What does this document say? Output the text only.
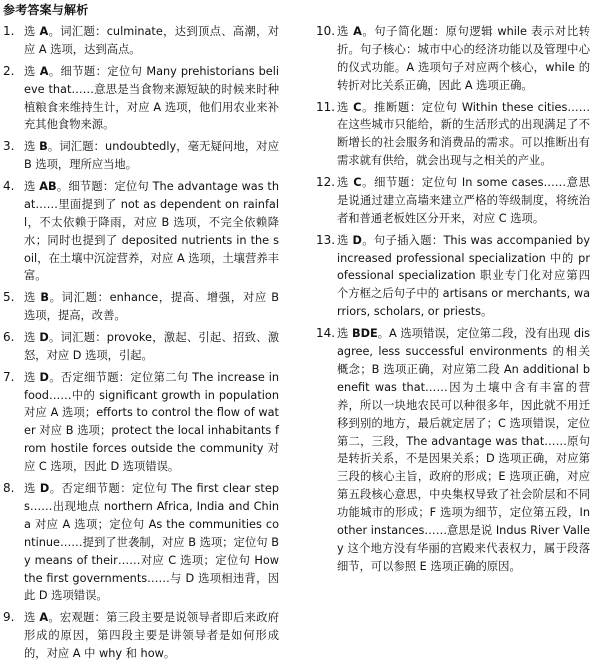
参考答案与解析
1. 选 A。词汇题：culminate，达到顶点、高潮，对应 A 选项，达到高点。
2. 选 A。细节题：定位句 Many prehistorians believe that……意思是当食物来源短缺的时候来时种植粮食来维持生计，对应 A 选项，他们用农业来补充其他食物来源。
3. 选 B。词汇题：undoubtedly，毫无疑问地，对应 B 选项，理所应当地。
4. 选 AB。细节题：定位句 The advantage was that……里面提到了 not as dependent on rainfall，不太依赖于降雨，对应 B 选项，不完全依赖降水；同时也提到了 deposited nutrients in the soil，在土壤中沉淀营养，对应 A 选项，土壤营养丰富。
5. 选 B。词汇题：enhance，提高、增强，对应 B 选项，提高，改善。
6. 选 D。词汇题：provoke，激起、引起、招致、激怒，对应 D 选项，引起。
7. 选 D。否定细节题：定位第二句 The increase in food……中的 significant growth in population 对应 A 选项；efforts to control the flow of water 对应 B 选项；protect the local inhabitants from hostile forces outside the community 对应 C 选项，因此 D 选项错误。
8. 选 D。否定细节题：定位句 The first clear steps……出现地点 northern Africa, India and China 对应 A 选项；定位句 As the communities continue……提到了世袭制，对应 B 选项；定位句 By means of their……对应 C 选项；定位句 How the first governments……与 D 选项相违背，因此 D 选项错误。
9. 选 A。宏观题：第三段主要是说领导者即后来政府形成的原因，第四段主要是讲领导者是如何形成的，对应 A 中 why 和 how。
10. 选 A。句子简化题：原句逻辑 while 表示对比转折。句子核心：城市中心的经济功能以及管理中心的仪式功能。A 选项句子对应两个核心，while 的转折对比关系正确，因此 A 选项正确。
11. 选 C。推断题：定位句 Within these cities……在这些城市只能给，新的生活形式的出现满足了不断增长的社会服务和消费品的需求。可以推断出有需求就有供给，就会出现与之相关的产业。
12. 选 C。细节题：定位句 In some cases……意思是说通过建立高墙来建立严格的等级制度，将统治者和普通老板姓区分开来，对应 C 选项。
13. 选 D。句子插入题：This was accompanied by increased professional specialization 中的 professional specialization 职业专门化对应第四个方框之后句子中的 artisans or merchants, warriors, scholars, or priests。
14. 选 BDE。A 选项错误，定位第二段，没有出现 disagree, less successful environments 的相关概念；B 选项正确，对应第二段 An additional benefit was that……因为土壤中含有丰富的营养，所以一块地农民可以种很多年，因此就不用迁移到别的地方，最后就定居了；C 选项错误，定位第二，三段，The advantage was that……原句是转折关系，不是因果关系；D 选项正确，对应第三段的核心主旨，政府的形成；E 选项正确，对应第五段核心意思，中央集权导致了社会阶层和不同功能城市的形成；F 选项为细节，定位第五段，In other instances……意思是说 Indus River Valley 这个地方没有华丽的宫殿来代表权力，属于段落细节，可以参照 E 选项正确的原因。
